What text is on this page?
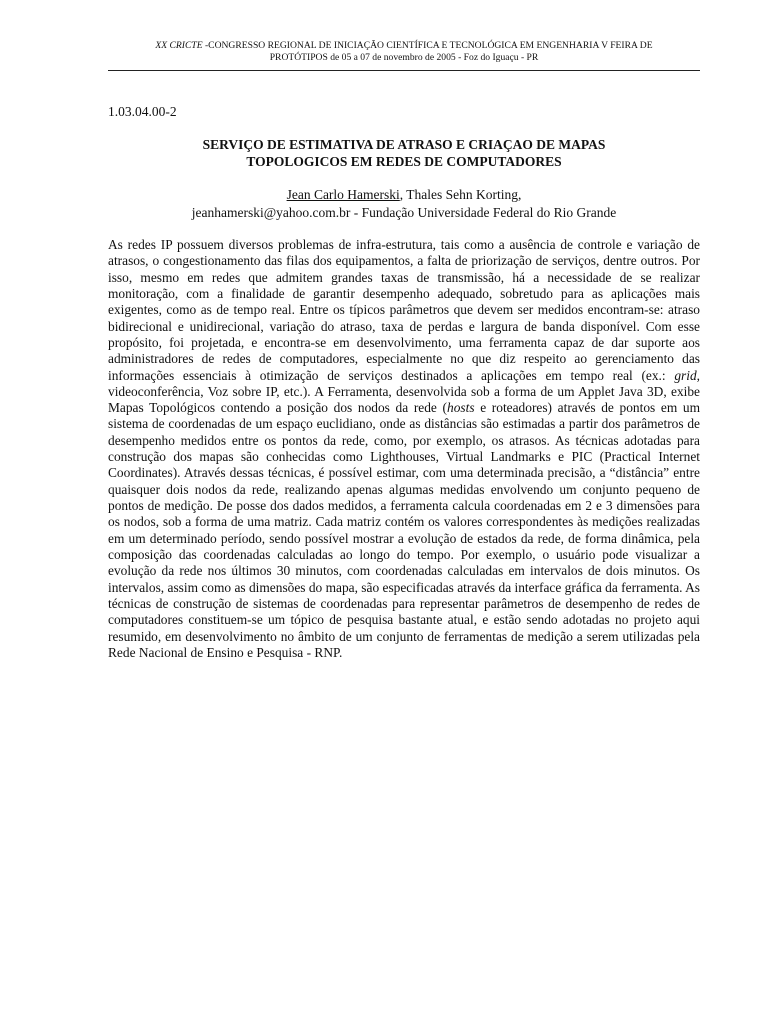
XX CRICTE -CONGRESSO REGIONAL DE INICIAÇÃO CIENTÍFICA E TECNOLÓGICA EM ENGENHARIA V FEIRA DE
PROTÓTIPOS de 05 a 07 de novembro de 2005 - Foz do Iguaçu - PR
1.03.04.00-2
SERVIÇO DE ESTIMATIVA DE ATRASO E CRIAÇAO DE MAPAS
TOPOLOGICOS EM REDES DE COMPUTADORES
Jean Carlo Hamerski, Thales Sehn Korting,
jeanhamerski@yahoo.com.br - Fundação Universidade Federal do Rio Grande

As redes IP possuem diversos problemas de infra-estrutura, tais como a ausência de controle e variação de atrasos, o congestionamento das filas dos equipamentos, a falta de priorização de serviços, dentre outros. Por isso, mesmo em redes que admitem grandes taxas de transmissão, há a necessidade de se realizar monitoração, com a finalidade de garantir desempenho adequado, sobretudo para as aplicações mais exigentes, como as de tempo real. Entre os típicos parâmetros que devem ser medidos encontram-se: atraso bidirecional e unidirecional, variação do atraso, taxa de perdas e largura de banda disponível. Com esse propósito, foi projetada, e encontra-se em desenvolvimento, uma ferramenta capaz de dar suporte aos administradores de redes de computadores, especialmente no que diz respeito ao gerenciamento das informações essenciais à otimização de serviços destinados a aplicações em tempo real (ex.: grid, videoconferência, Voz sobre IP, etc.). A Ferramenta, desenvolvida sob a forma de um Applet Java 3D, exibe Mapas Topológicos contendo a posição dos nodos da rede (hosts e roteadores) através de pontos em um sistema de coordenadas de um espaço euclidiano, onde as distâncias são estimadas a partir dos parâmetros de desempenho medidos entre os pontos da rede, como, por exemplo, os atrasos. As técnicas adotadas para construção dos mapas são conhecidas como Lighthouses, Virtual Landmarks e PIC (Practical Internet Coordinates). Através dessas técnicas, é possível estimar, com uma determinada precisão, a “distância” entre quaisquer dois nodos da rede, realizando apenas algumas medidas envolvendo um conjunto pequeno de pontos de medição. De posse dos dados medidos, a ferramenta calcula coordenadas em 2 e 3 dimensões para os nodos, sob a forma de uma matriz. Cada matriz contém os valores correspondentes às medições realizadas em um determinado período, sendo possível mostrar a evolução de estados da rede, de forma dinâmica, pela composição das coordenadas calculadas ao longo do tempo. Por exemplo, o usuário pode visualizar a evolução da rede nos últimos 30 minutos, com coordenadas calculadas em intervalos de dois minutos. Os intervalos, assim como as dimensões do mapa, são especificadas através da interface gráfica da ferramenta. As técnicas de construção de sistemas de coordenadas para representar parâmetros de desempenho de redes de computadores constituem-se um tópico de pesquisa bastante atual, e estão sendo adotadas no projeto aqui resumido, em desenvolvimento no âmbito de um conjunto de ferramentas de medição a serem utilizadas pela Rede Nacional de Ensino e Pesquisa - RNP.
